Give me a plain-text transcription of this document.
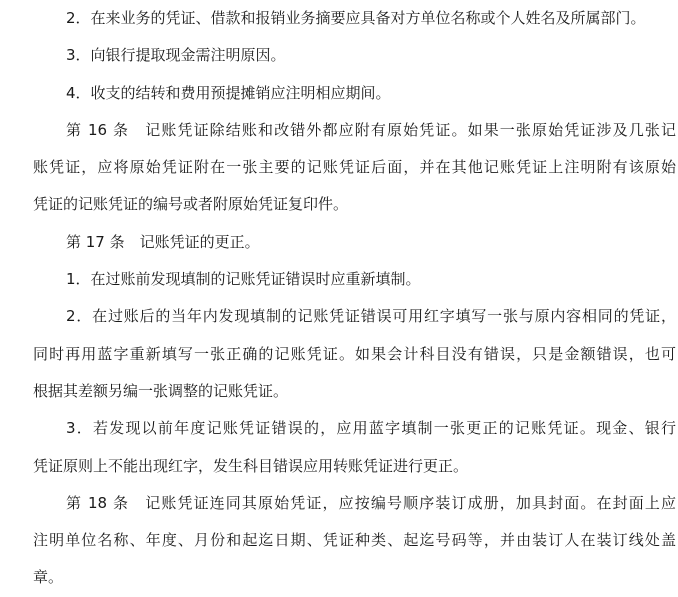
2．在来业务的凭证、借款和报销业务摘要应具备对方单位名称或个人姓名及所属部门。
3．向银行提取现金需注明原因。
4．收支的结转和费用预提摊销应注明相应期间。
第 16 条　记账凭证除结账和改错外都应附有原始凭证。如果一张原始凭证涉及几张记
账凭证，应将原始凭证附在一张主要的记账凭证后面，并在其他记账凭证上注明附有该原始
凭证的记账凭证的编号或者附原始凭证复印件。
第 17 条　记账凭证的更正。
1．在过账前发现填制的记账凭证错误时应重新填制。
2．在过账后的当年内发现填制的记账凭证错误可用红字填写一张与原内容相同的凭证，
同时再用蓝字重新填写一张正确的记账凭证。如果会计科目没有错误，只是金额错误，也可
根据其差额另编一张调整的记账凭证。
3．若发现以前年度记账凭证错误的，应用蓝字填制一张更正的记账凭证。现金、银行
凭证原则上不能出现红字，发生科目错误应用转账凭证进行更正。
第 18 条　记账凭证连同其原始凭证，应按编号顺序装订成册，加具封面。在封面上应
注明单位名称、年度、月份和起迄日期、凭证种类、起迄号码等，并由装订人在装订线处盖
章。
